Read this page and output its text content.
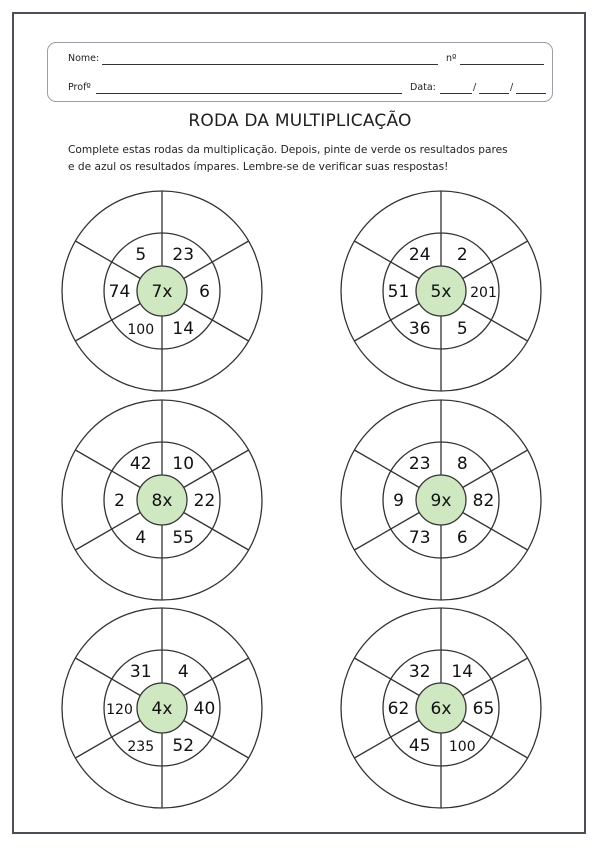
Nome:	nº
Profº	Data:	/	/
RODA DA MULTIPLICAÇÃO
Complete estas rodas da multiplicação. Depois, pinte de verde os resultados pares
e de azul os resultados ímpares. Lembre-se de verificar suas respostas!
7x
23
6
14
100
74
5
5x
2
201
5
36
51
24
8x
10
22
55
4
2
42
9x
8
82
6
73
9
23
4x
4
40
52
235
120
31
6x
14
65
100
45
62
32
